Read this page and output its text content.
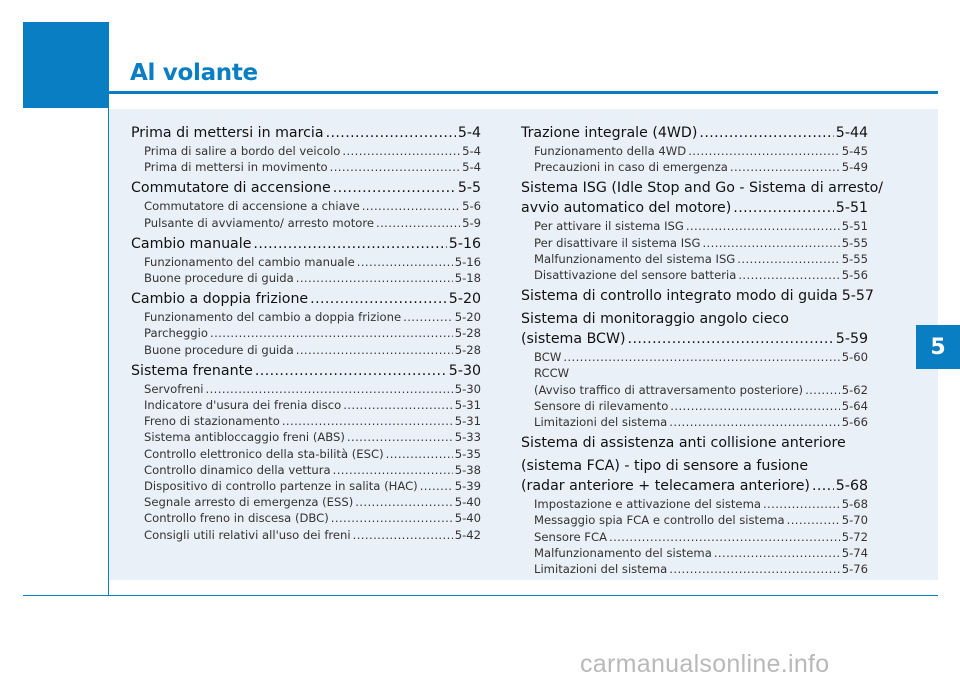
Al volante
5
Prima di mettersi in marcia .....	5-4
Prima di salire a bordo del veicolo .....	5-4
Prima di mettersi in movimento .....	5-4
Commutatore di accensione .....	5-5
Commutatore di accensione a chiave .....	5-6
Pulsante di avviamento/ arresto motore .....	5-9
Cambio manuale .....	5-16
Funzionamento del cambio manuale .....	5-16
Buone procedure di guida .....	5-18
Cambio a doppia frizione .....	5-20
Funzionamento del cambio a doppia frizione .....	5-20
Parcheggio .....	5-28
Buone procedure di guida .....	5-28
Sistema frenante .....	5-30
Servofreni .....	5-30
Indicatore d'usura dei frenia disco .....	5-31
Freno di stazionamento .....	5-31
Sistema antibloccaggio freni (ABS) .....	5-33
Controllo elettronico della sta-bilità (ESC) .....	5-35
Controllo dinamico della vettura .....	5-38
Dispositivo di controllo partenze in salita (HAC) .....	5-39
Segnale arresto di emergenza (ESS) .....	5-40
Controllo freno in discesa (DBC) .....	5-40
Consigli utili relativi all'uso dei freni .....	5-42
Trazione integrale (4WD) .....	5-44
Funzionamento della 4WD .....	5-45
Precauzioni in caso di emergenza .....	5-49
Sistema ISG (Idle Stop and Go - Sistema di arresto/
avvio automatico del motore) .....	5-51
Per attivare il sistema ISG .....	5-51
Per disattivare il sistema ISG .....	5-55
Malfunzionamento del sistema ISG .....	5-55
Disattivazione del sensore batteria .....	5-56
Sistema di controllo integrato modo di guida 5-57
Sistema di monitoraggio angolo cieco
(sistema BCW) .....	5-59
BCW .....	5-60
RCCW
(Avviso traffico di attraversamento posteriore) .....	5-62
Sensore di rilevamento .....	5-64
Limitazioni del sistema .....	5-66
Sistema di assistenza anti collisione anteriore
(sistema FCA) - tipo di sensore a fusione
(radar anteriore + telecamera anteriore) ..... 5-68
Impostazione e attivazione del sistema .....	5-68
Messaggio spia FCA e controllo del sistema .....	5-70
Sensore FCA .....	5-72
Malfunzionamento del sistema .....	5-74
Limitazioni del sistema .....	5-76
carmanualsonline.info
